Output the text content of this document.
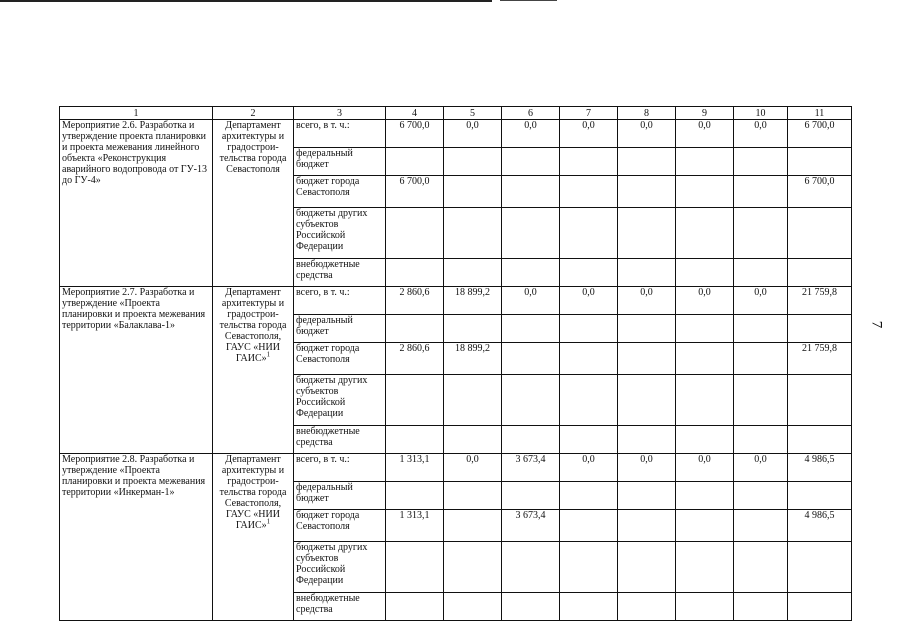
7
1	2	3	4	5	6	7	8	9	10	11
Мероприятие 2.6. Разработка и утверждение проекта планировки и проекта межевания линейного объекта «Реконструкция аварийного водопровода от ГУ-13 до ГУ-4»	Департамент архитектуры и градострои-тельства города Севастополя	всего, в т. ч.:	6 700,0	0,0	0,0	0,0	0,0	0,0	0,0	6 700,0
		федеральный бюджет								
		бюджет города Севастополя	6 700,0							6 700,0
		бюджеты других субъектов Российской Федерации								
		внебюджетные средства								
Мероприятие 2.7. Разработка и утверждение «Проекта планировки и проекта межевания территории «Балаклава-1»	Департамент архитектуры и градострои-тельства города Севастополя, ГАУС «НИИ ГАИС»$^1$	всего, в т. ч.:	2 860,6	18 899,2	0,0	0,0	0,0	0,0	0,0	21 759,8
		федеральный бюджет								
		бюджет города Севастополя	2 860,6	18 899,2						21 759,8
		бюджеты других субъектов Российской Федерации								
		внебюджетные средства								
Мероприятие 2.8. Разработка и утверждение «Проекта планировки и проекта межевания территории «Инкерман-1»	Департамент архитектуры и градострои-тельства города Севастополя, ГАУС «НИИ ГАИС»$^1$	всего, в т. ч.:	1 313,1	0,0	3 673,4	0,0	0,0	0,0	0,0	4 986,5
		федеральный бюджет								
		бюджет города Севастополя	1 313,1		3 673,4					4 986,5
		бюджеты других субъектов Российской Федерации								
		внебюджетные средства								
